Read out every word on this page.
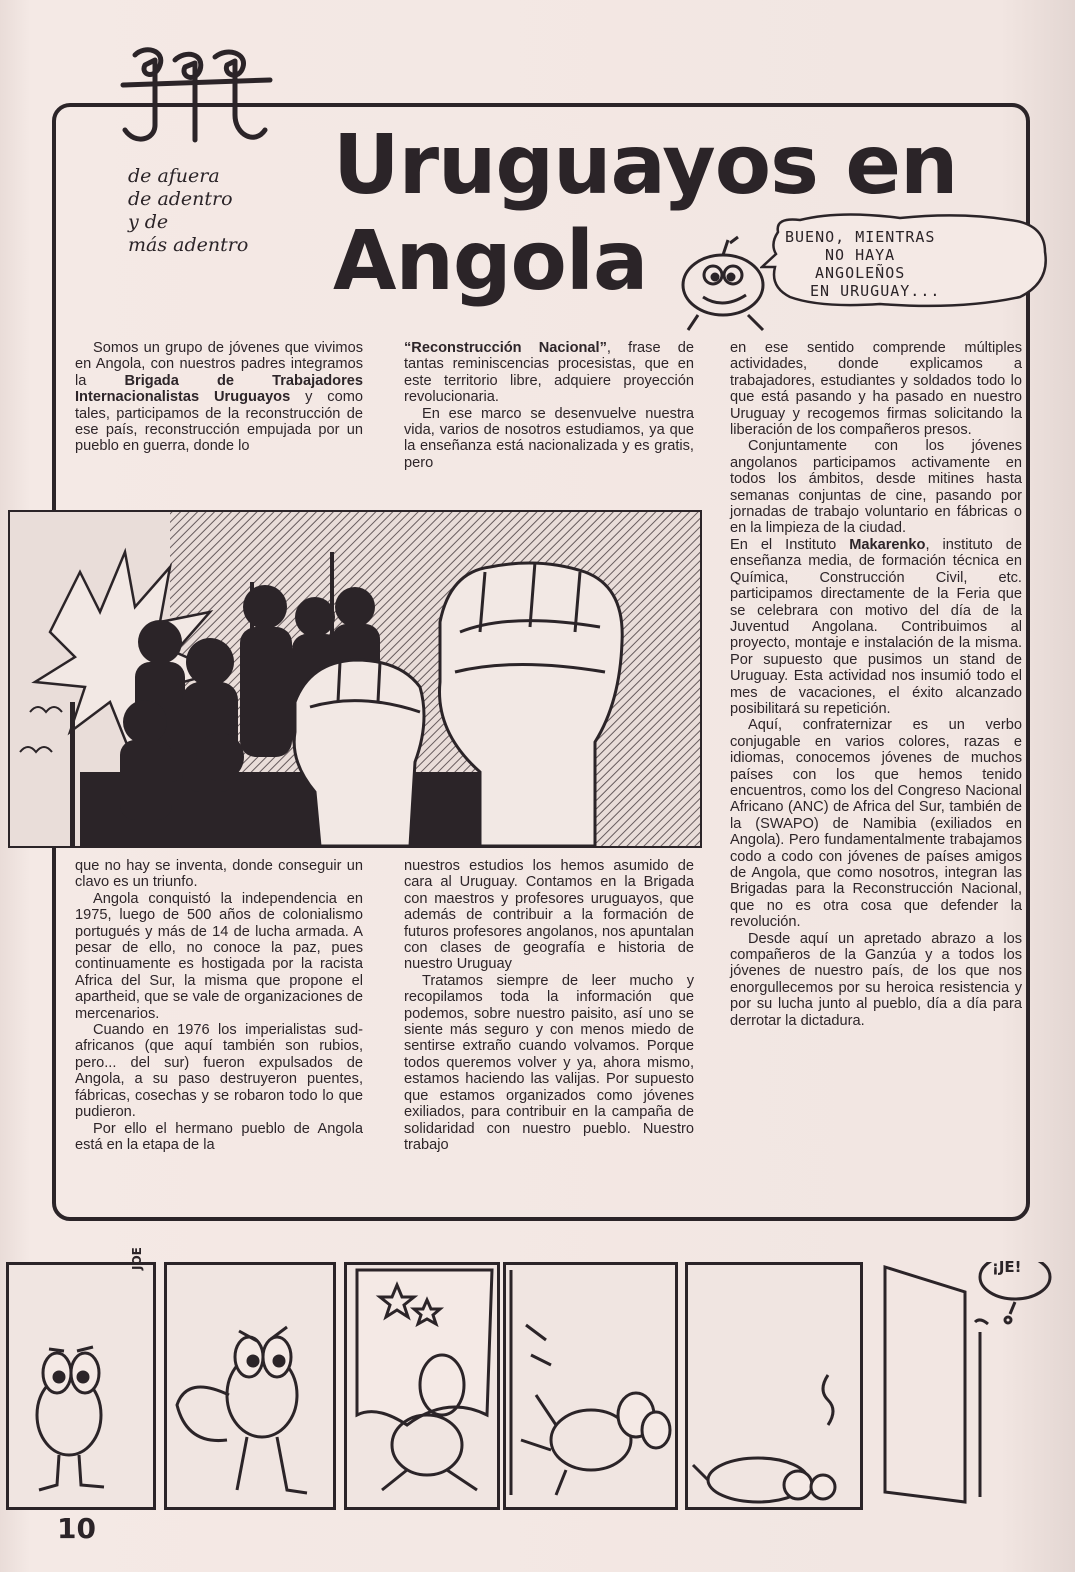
de afuera
de adentro
y de
más adentro
Uruguayos en
Angola	BUENO, MIENTRAS
NO HAYA
ANGOLEÑOS
EN URUGUAY...

Somos un grupo de jóvenes que vivimos en Angola, con nuestros padres integramos la Brigada de Trabajadores Internacionalistas Uruguayos y como tales, participamos de la reconstrucción de ese país, reconstrucción empujada por un pueblo en guerra, donde lo

“Reconstrucción Nacional”, frase de tantas reminiscencias procesistas, que en este territorio libre, adquiere proyección revolucionaria.

En ese marco se desenvuelve nuestra vida, varios de nosotros estudiamos, ya que la enseñanza está nacionalizada y es gratis, pero

en ese sentido comprende múltiples actividades, donde explicamos a trabajadores, estudiantes y soldados todo lo que está pasando y ha pasado en nuestro Uruguay y recogemos firmas solicitando la liberación de los compañeros presos.

Conjuntamente con los jóvenes angolanos participamos activamente en todos los ámbitos, desde mitines hasta semanas conjuntas de cine, pasando por jornadas de trabajo voluntario en fábricas o en la limpieza de la ciudad.

En el Instituto Makarenko, instituto de enseñanza media, de formación técnica en Química, Construcción Civil, etc. participamos directamente de la Feria que se celebrara con motivo del día de la Juventud Angolana. Contribuimos al proyecto, montaje e instalación de la misma. Por supuesto que pusimos un stand de Uruguay. Esta actividad nos insumió todo el mes de vacaciones, el éxito alcanzado posibilitará su repetición.

Aquí, confraternizar es un verbo conjugable en varios colores, razas e idiomas, conocemos jóvenes de muchos países con los que hemos tenido encuentros, como los del Congreso Nacional Africano (ANC) de Africa del Sur, también de la (SWAPO) de Namibia (exiliados en Angola). Pero fundamentalmente trabajamos codo a codo con jóvenes de países amigos de Angola, que como nosotros, integran las Brigadas para la Reconstrucción Nacional, que no es otra cosa que defender la revolución.

Desde aquí un apretado abrazo a los compañeros de la Ganzúa y a todos los jóvenes de nuestro país, de los que nos enorgullecemos por su heroica resistencia y por su lucha junto al pueblo, día a día para derrotar la dictadura.

que no hay se inventa, donde conseguir un clavo es un triunfo.

Angola conquistó la independencia en 1975, luego de 500 años de colonialismo portugués y más de 14 de lucha armada. A pesar de ello, no conoce la paz, pues continuamente es hostigada por la racista Africa del Sur, la misma que propone el apartheid, que se vale de organizaciones de mercenarios.

Cuando en 1976 los imperialistas sud-africanos (que aquí también son rubios, pero... del sur) fueron expulsados de Angola, a su paso destruyeron puentes, fábricas, cosechas y se robaron todo lo que pudieron.

Por ello el hermano pueblo de Angola está en la etapa de la

nuestros estudios los hemos asumido de cara al Uruguay. Contamos en la Brigada con maestros y profesores uruguayos, que además de contribuir a la formación de futuros profesores angolanos, nos apuntalan con clases de geografía e historia de nuestro Uruguay

Tratamos siempre de leer mucho y recopilamos toda la información que podemos, sobre nuestro paisito, así uno se siente más seguro y con menos miedo de sentirse extraño cuando volvamos. Porque todos queremos volver y ya, ahora mismo, estamos haciendo las valijas. Por supuesto que estamos organizados como jóvenes exiliados, para contribuir en la campaña de solidaridad con nuestro pueblo. Nuestro trabajo

JOE	¡JE!
10
